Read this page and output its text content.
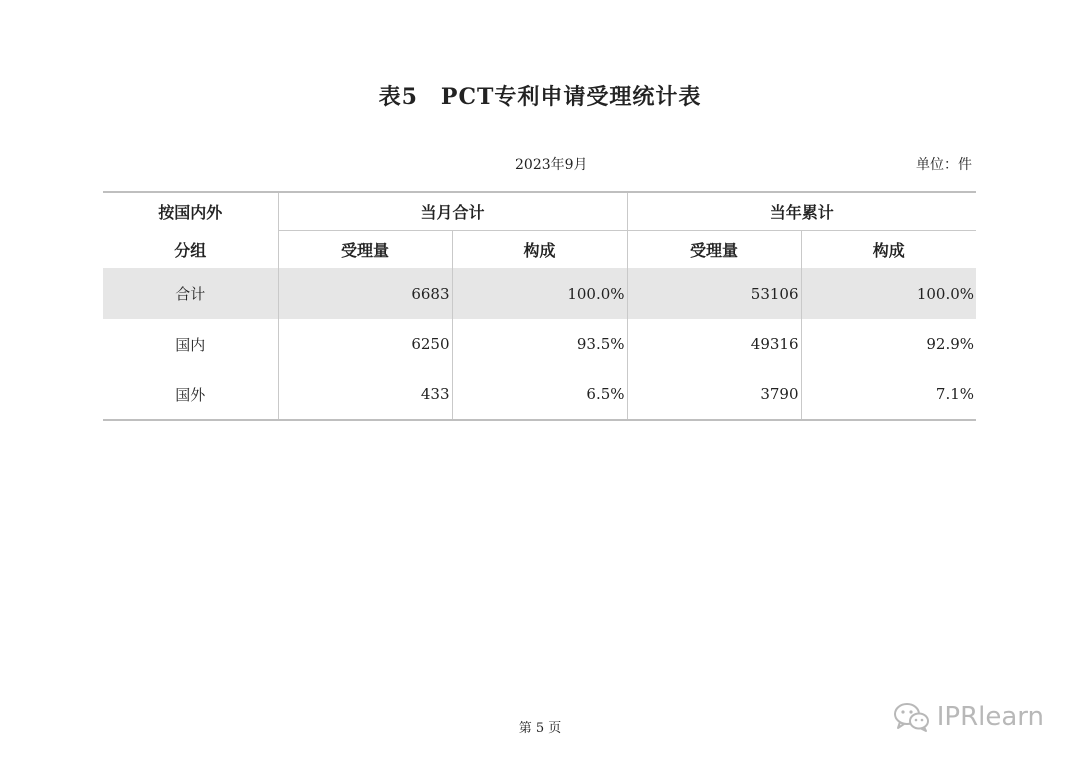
表5　PCT专利申请受理统计表
2023年9月	单位：件
按国内外	当月合计		当年累计	
分组	受理量	构成	受理量	构成
合计	6683	100.0%	53106	100.0%
国内	6250	93.5%	49316	92.9%
国外	433	6.5%	3790	7.1%
第 5 页	IPRlearn
